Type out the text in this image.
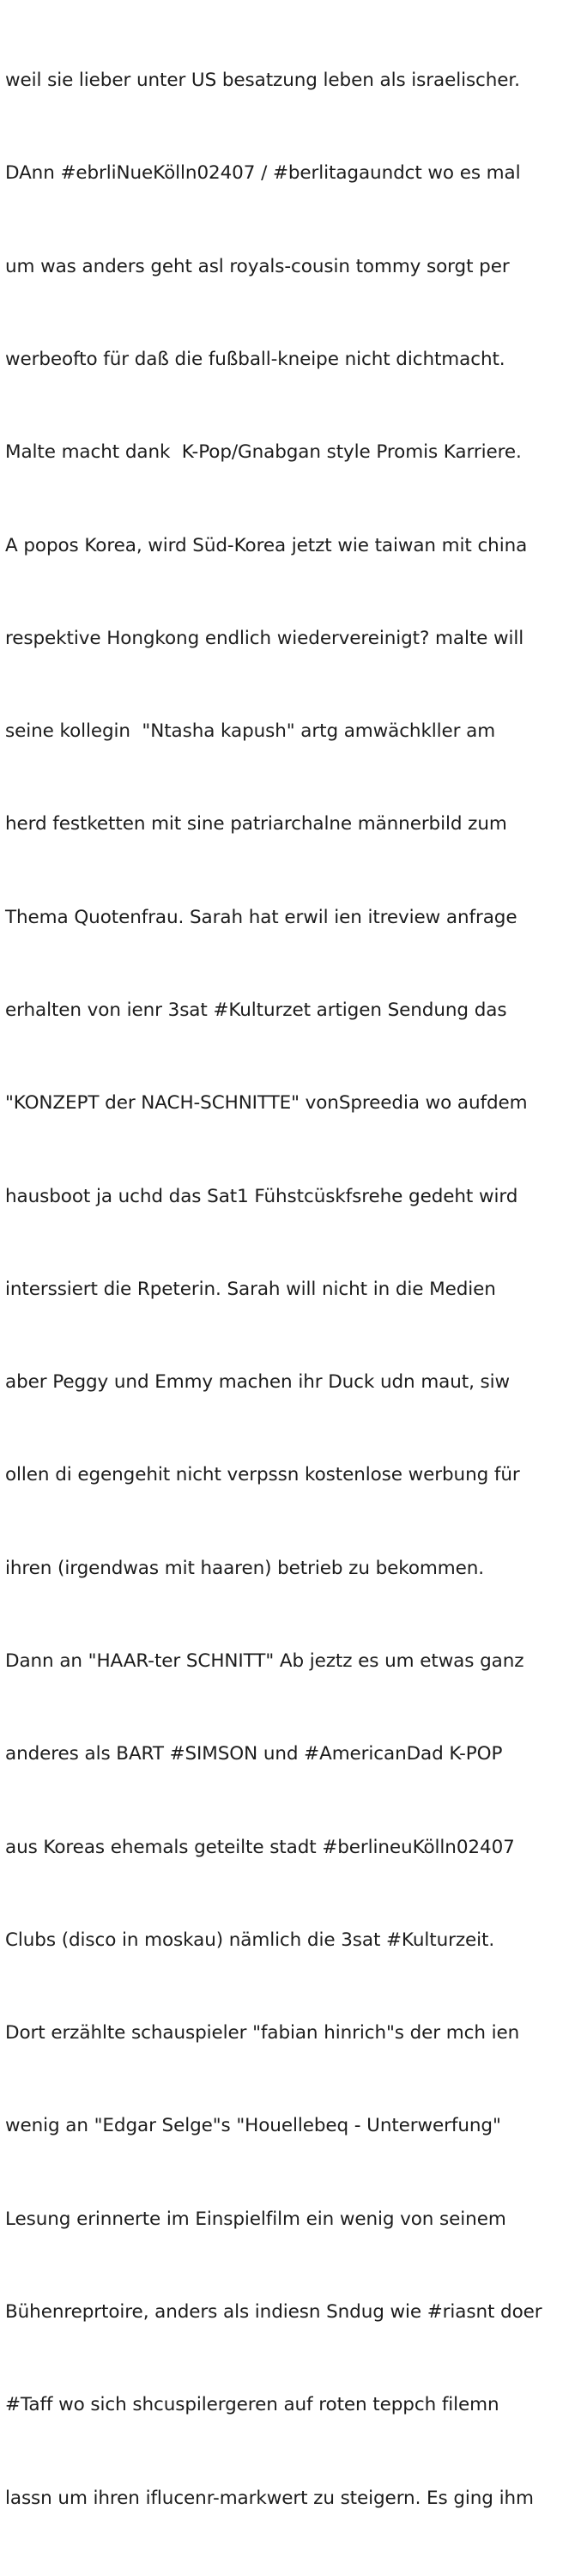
weil sie lieber unter US besatzung leben als israelischer.

DAnn #ebrliNueKölln02407 / #berlitagaundct wo es mal

um was anders geht asl royals-cousin tommy sorgt per

werbeofto für daß die fußball-kneipe nicht dichtmacht.

Malte macht dank  K-Pop/Gnabgan style Promis Karriere.

A popos Korea, wird Süd-Korea jetzt wie taiwan mit china

respektive Hongkong endlich wiedervereinigt? malte will

seine kollegin  "Ntasha kapush" artg amwächkller am

herd festketten mit sine patriarchalne männerbild zum

Thema Quotenfrau. Sarah hat erwil ien itreview anfrage

erhalten von ienr 3sat #Kulturzet artigen Sendung das

"KONZEPT der NACH-SCHNITTE" vonSpreedia wo aufdem

hausboot ja uchd das Sat1 Fühstcüskfsrehe gedeht wird

interssiert die Rpeterin. Sarah will nicht in die Medien

aber Peggy und Emmy machen ihr Duck udn maut, siw

ollen di egengehit nicht verpssn kostenlose werbung für

ihren (irgendwas mit haaren) betrieb zu bekommen.

Dann an "HAAR-ter SCHNITT" Ab jeztz es um etwas ganz

anderes als BART #SIMSON und #AmericanDad K-POP

aus Koreas ehemals geteilte stadt #berlineuKölln02407

Clubs (disco in moskau) nämlich die 3sat #Kulturzeit.

Dort erzählte schauspieler "fabian hinrich"s der mch ien

wenig an "Edgar Selge"s "Houellebeq - Unterwerfung"

Lesung erinnerte im Einspielfilm ein wenig von seinem

Bühenreprtoire, anders als indiesn Sndug wie #riasnt doer

#Taff wo sich shcuspilergeren auf roten teppch filemn

lassn um ihren iflucenr-markwert zu steigern. Es ging ihm
